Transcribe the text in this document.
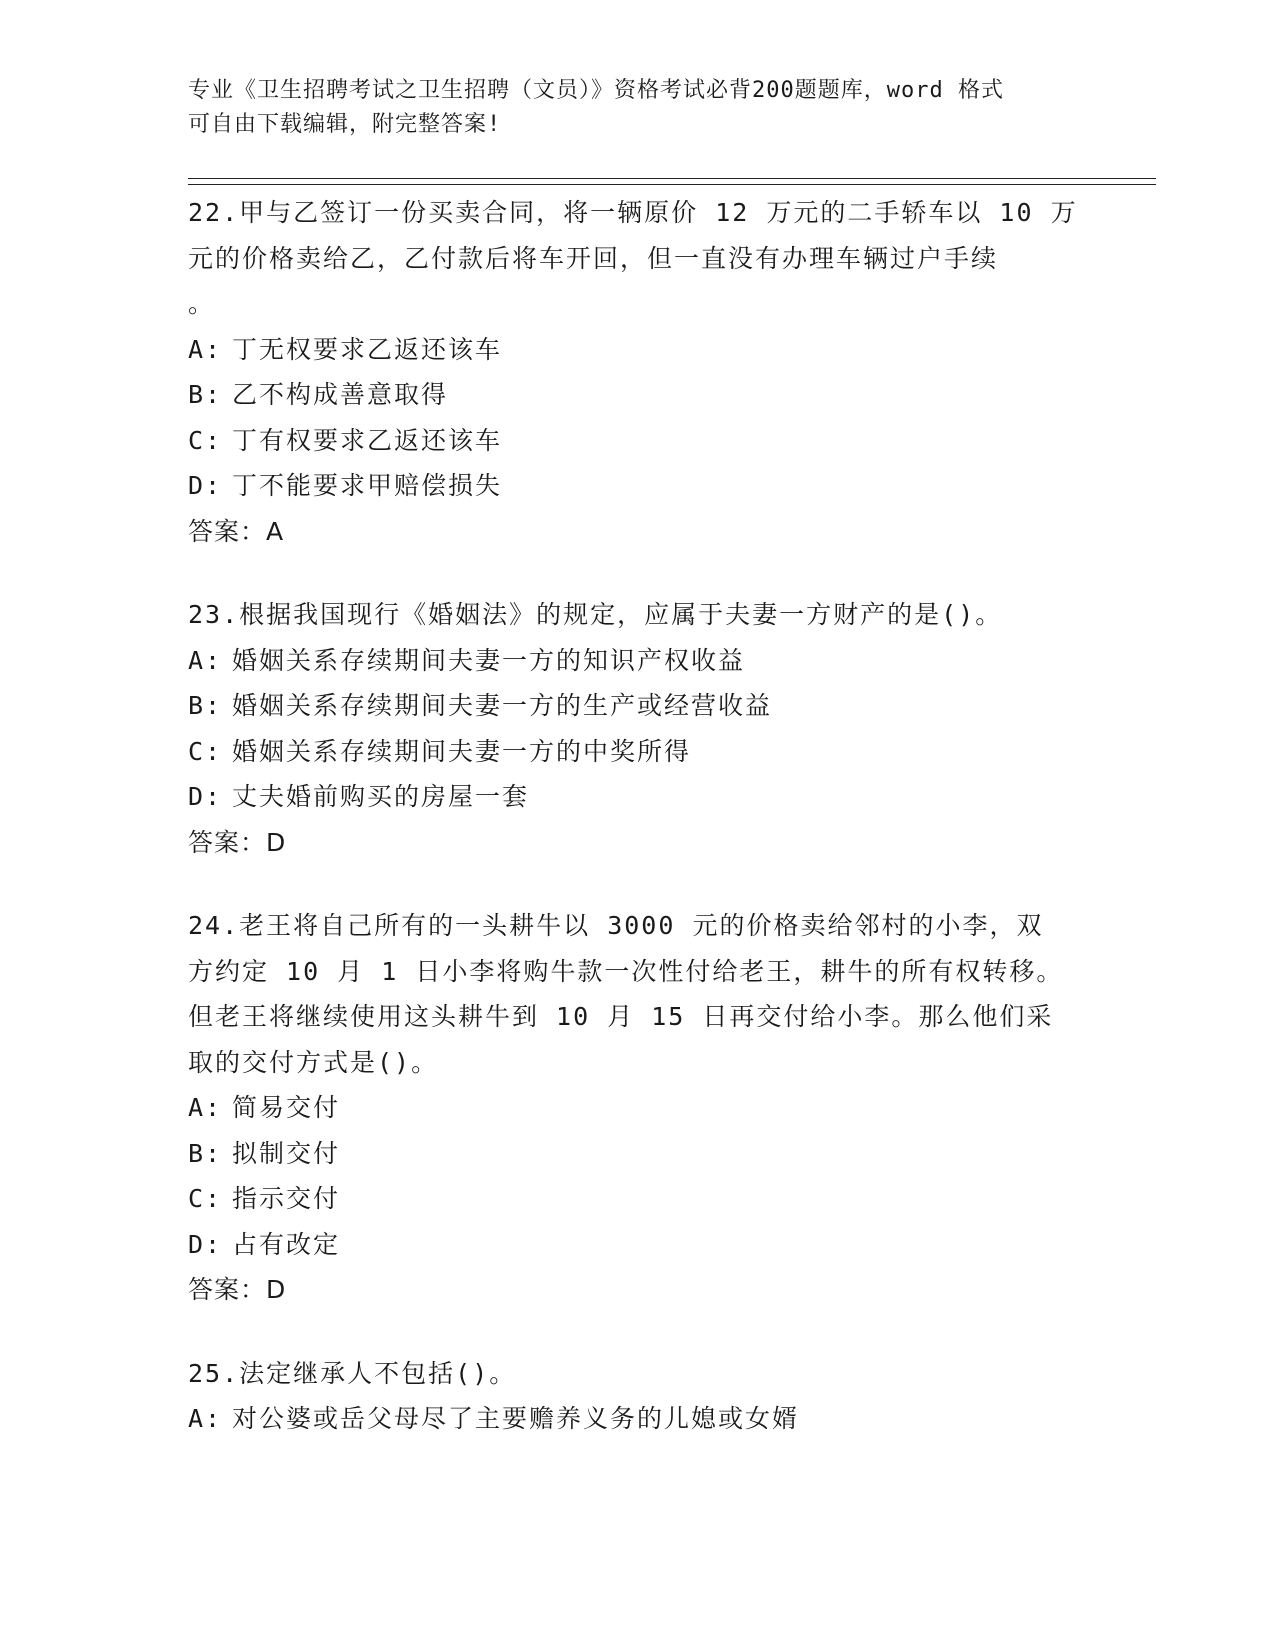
专业《卫生招聘考试之卫生招聘（文员）》资格考试必背200题题库，word 格式
可自由下载编辑，附完整答案!

22.甲与乙签订一份买卖合同，将一辆原价 12 万元的二手轿车以 10 万

元的价格卖给乙，乙付款后将车开回，但一直没有办理车辆过户手续

。

A: 丁无权要求乙返还该车

B: 乙不构成善意取得

C: 丁有权要求乙返还该车

D: 丁不能要求甲赔偿损失

答案：A

23.根据我国现行《婚姻法》的规定，应属于夫妻一方财产的是()。

A: 婚姻关系存续期间夫妻一方的知识产权收益

B: 婚姻关系存续期间夫妻一方的生产或经营收益

C: 婚姻关系存续期间夫妻一方的中奖所得

D: 丈夫婚前购买的房屋一套

答案：D

24.老王将自己所有的一头耕牛以 3000 元的价格卖给邻村的小李，双

方约定 10 月 1 日小李将购牛款一次性付给老王，耕牛的所有权转移。

但老王将继续使用这头耕牛到 10 月 15 日再交付给小李。那么他们采

取的交付方式是()。

A: 简易交付

B: 拟制交付

C: 指示交付

D: 占有改定

答案：D

25.法定继承人不包括()。

A: 对公婆或岳父母尽了主要赡养义务的儿媳或女婿
